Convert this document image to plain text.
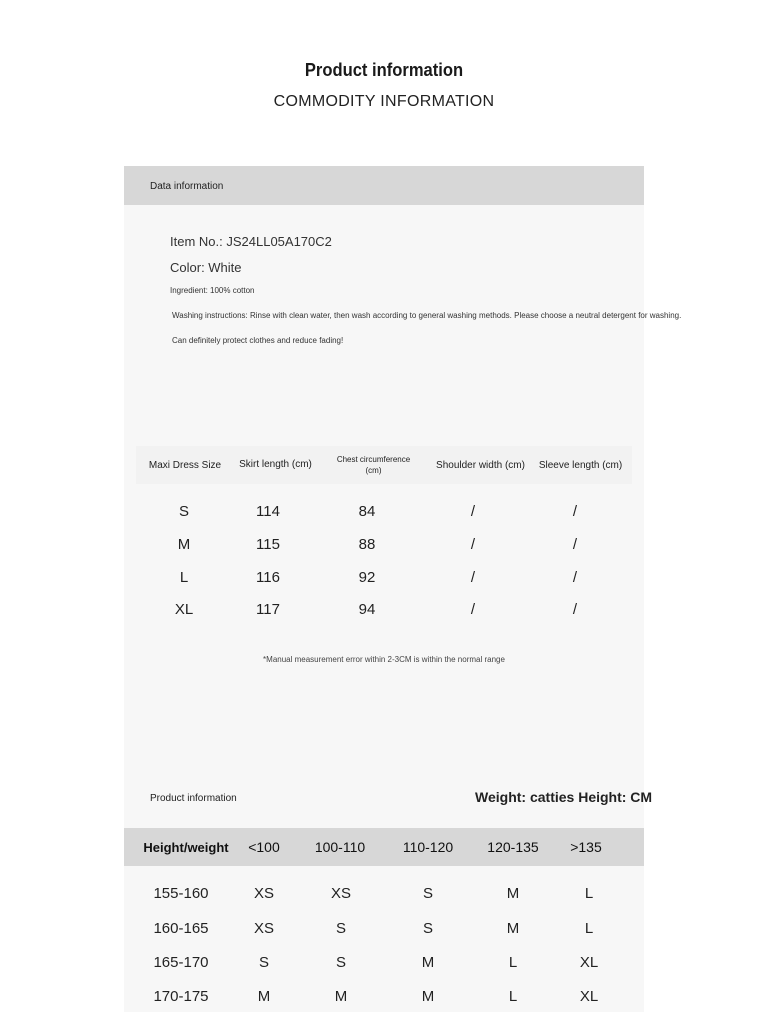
Product information
COMMODITY INFORMATION
Data information
Item No.: JS24LL05A170C2
Color: White
Ingredient: 100% cotton
Washing instructions: Rinse with clean water, then wash according to general washing methods. Please choose a neutral detergent for washing.
Can definitely protect clothes and reduce fading!
Maxi Dress Size	Skirt length (cm)	Chest circumference (cm)	Shoulder width (cm)	Sleeve length (cm)
S	114	84	/	/
M	115	88	/	/
L	116	92	/	/
XL	117	94	/	/
*Manual measurement error within 2-3CM is within the normal range
Product information	Weight: catties Height: CM
Height/weight	<100	100-110	110-120	120-135	>135
155-160	XS	XS	S	M	L
160-165	XS	S	S	M	L
165-170	S	S	M	L	XL
170-175	M	M	M	L	XL
